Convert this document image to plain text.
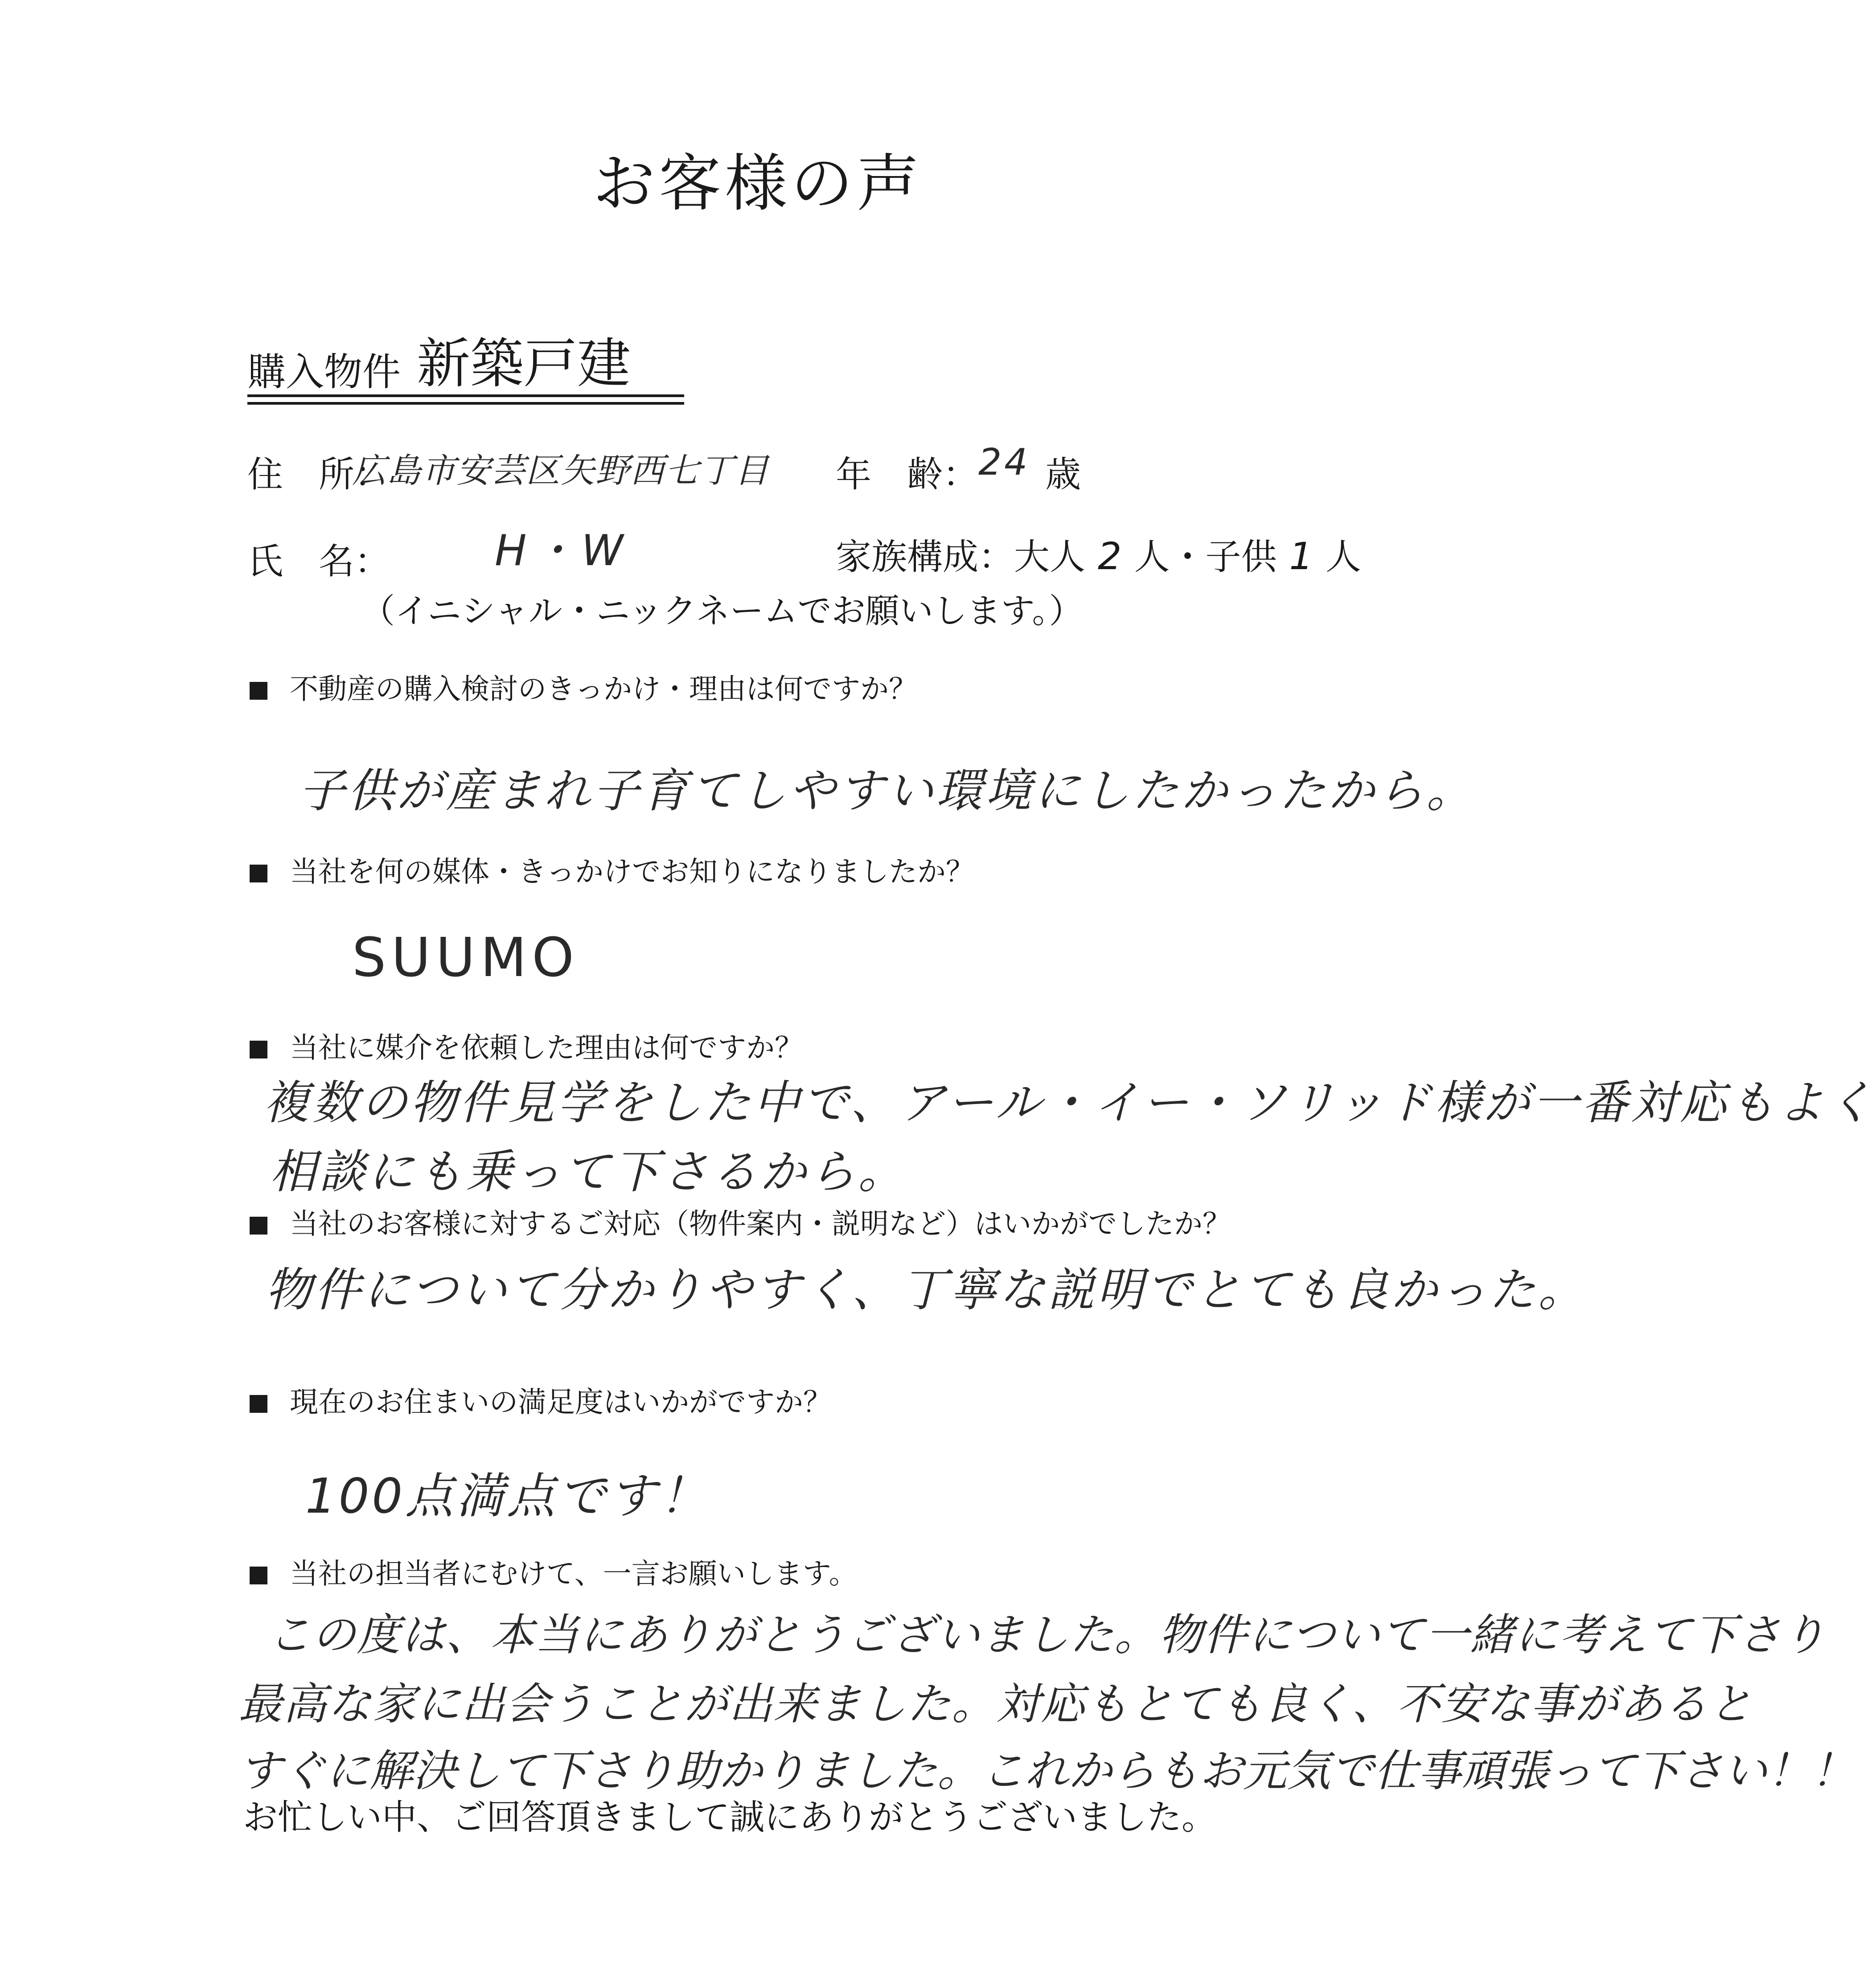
お客様の声
購入物件 新築戸建
住　所：
広島市安芸区矢野西七丁目 年　齢： 24 歳
氏　名： H・W	家族構成：大人 2 人・子供 1 人
（イニシャル・ニックネームでお願いします。）
不動産の購入検討のきっかけ・理由は何ですか？
子供が産まれ子育てしやすい環境にしたかったから。
当社を何の媒体・きっかけでお知りになりましたか？
SUUMO
当社に媒介を依頼した理由は何ですか？
複数の物件見学をした中で、アール・イー・ソリッド様が一番対応もよく
相談にも乗って下さるから。
当社のお客様に対するご対応（物件案内・説明など）はいかがでしたか？
物件について分かりやすく、丁寧な説明でとても良かった。
現在のお住まいの満足度はいかがですか？
100点満点です！
当社の担当者にむけて、一言お願いします。
この度は、本当にありがとうございました。物件について一緒に考えて下さり
最高な家に出会うことが出来ました。対応もとても良く、不安な事があると
すぐに解決して下さり助かりました。これからもお元気で仕事頑張って下さい！！
お忙しい中、ご回答頂きまして誠にありがとうございました。
